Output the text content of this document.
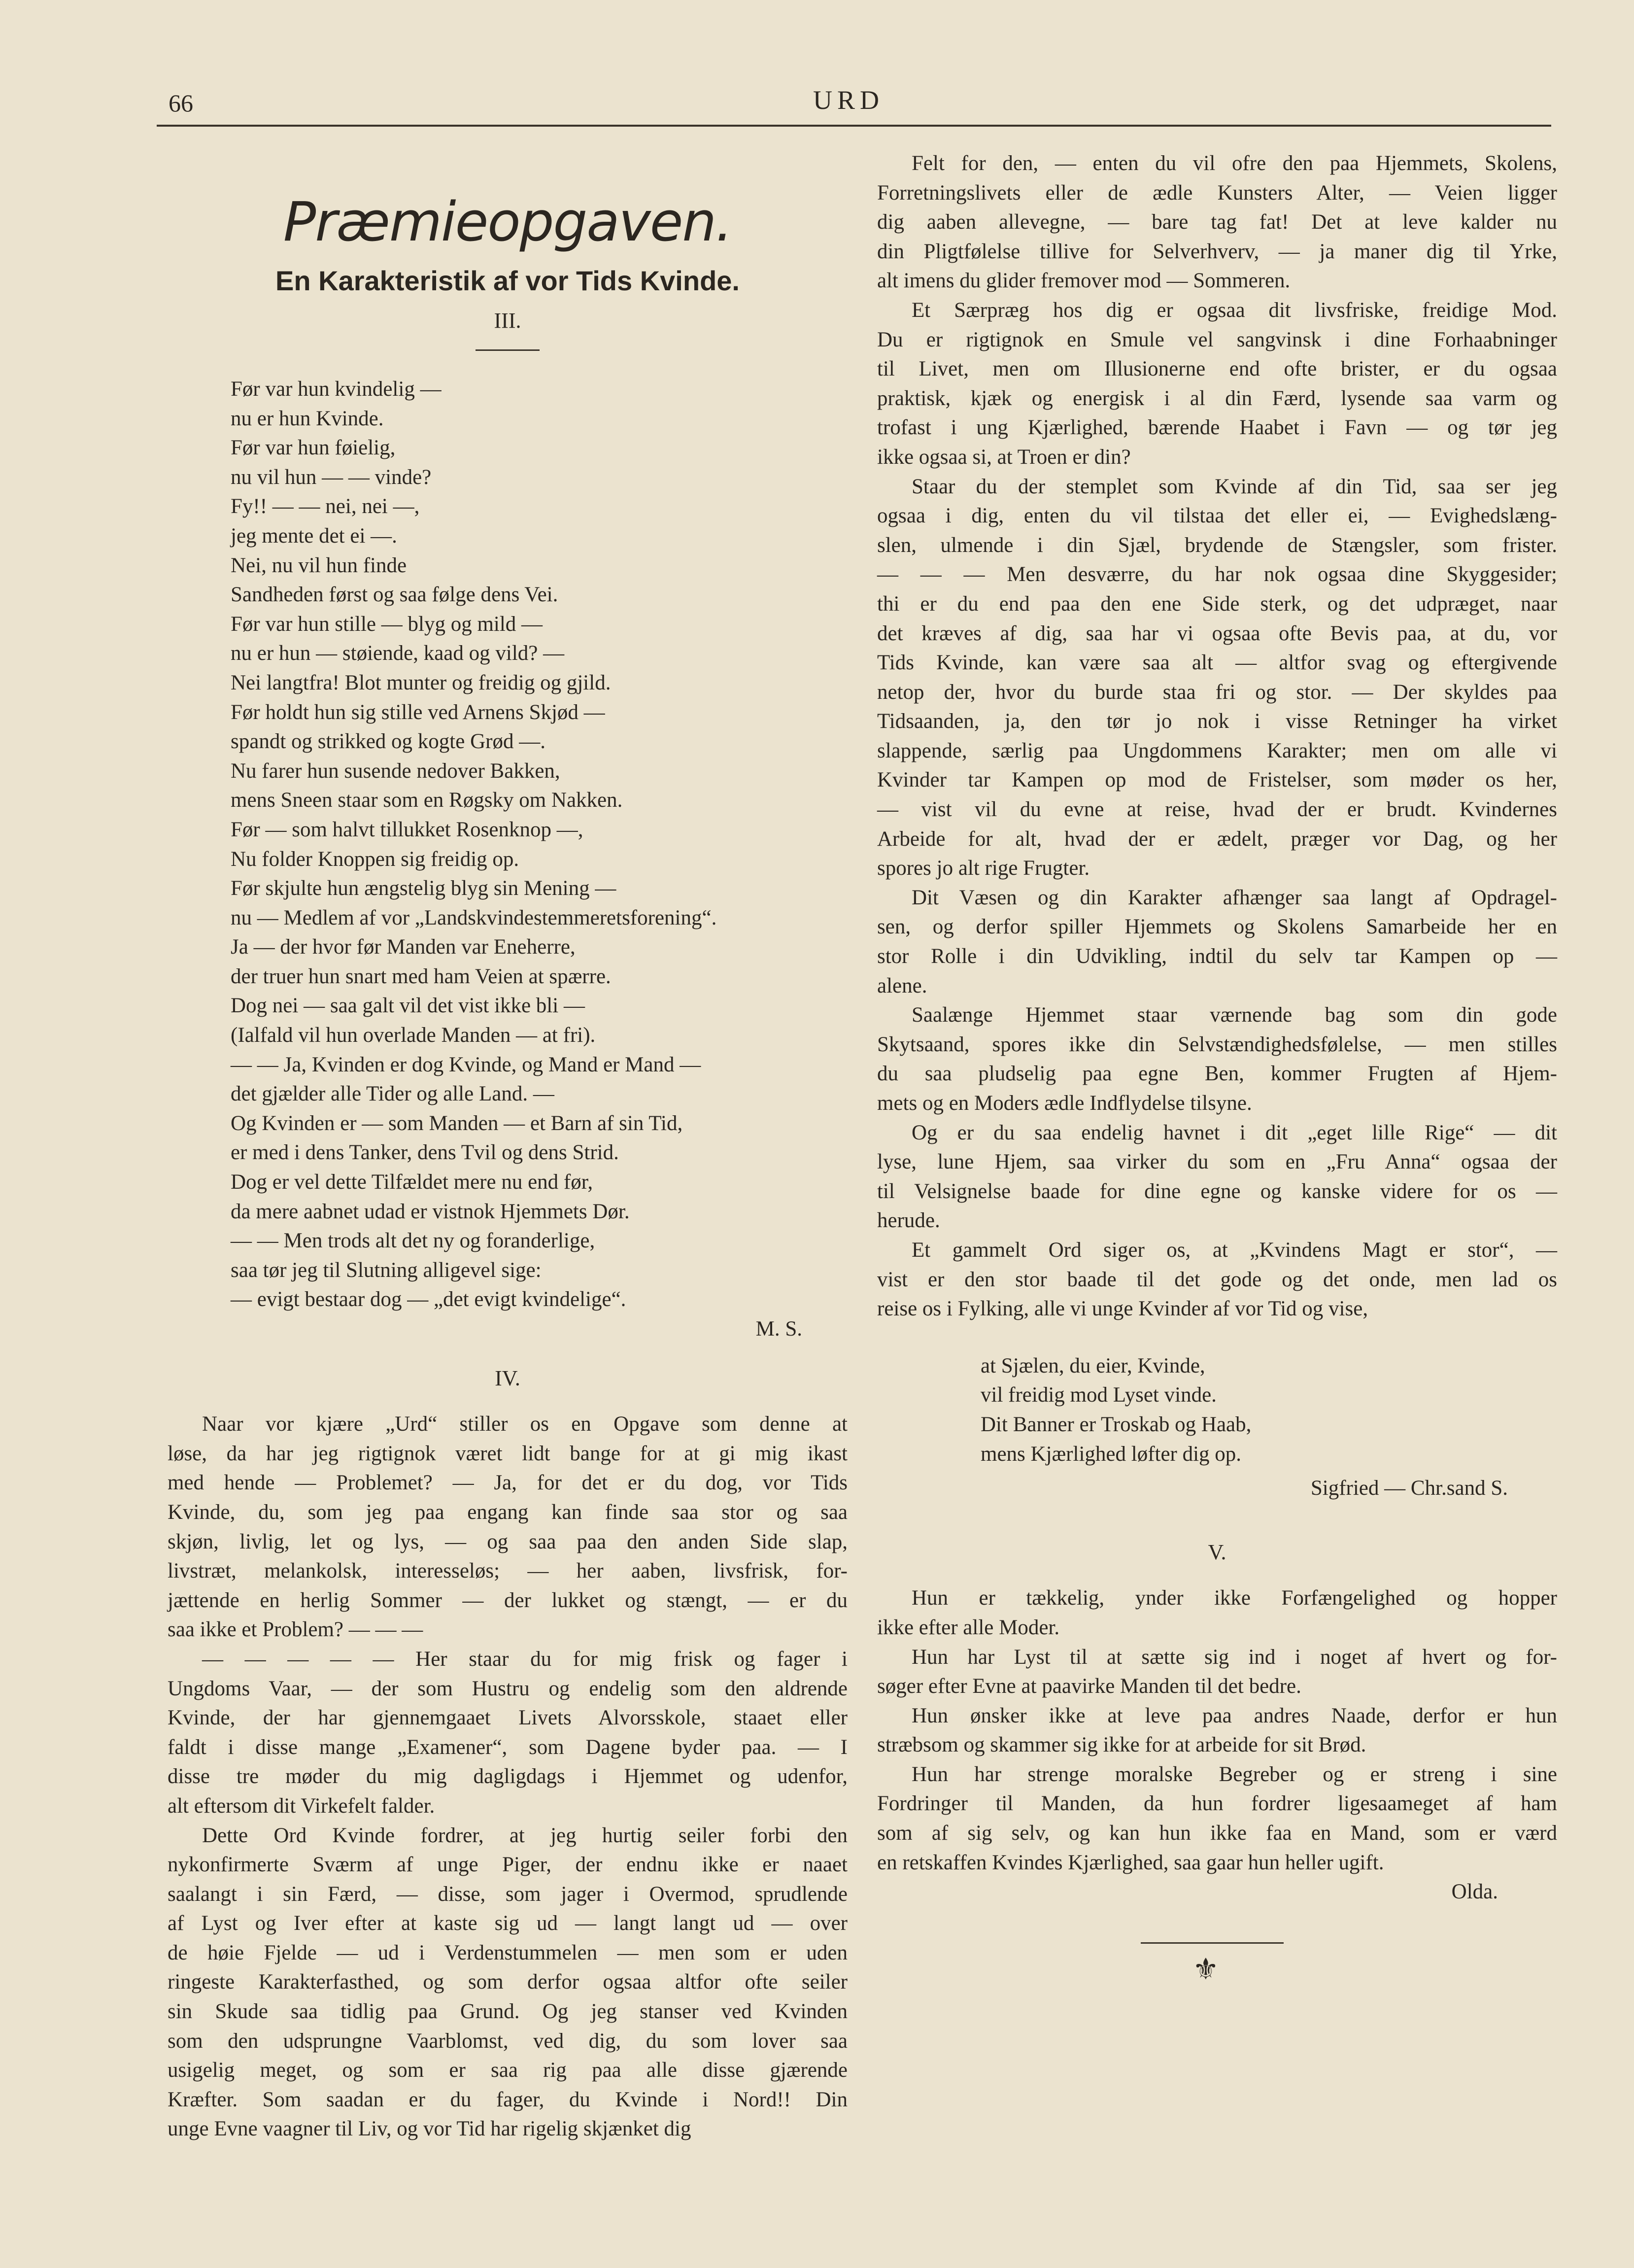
66	URD
Præmieopgaven.
En Karakteristik af vor Tids Kvinde.
III.
Før var hun kvindelig —
nu er hun Kvinde.
Før var hun føielig,
nu vil hun — — vinde?
Fy!! — — nei, nei —,
jeg mente det ei —.
Nei, nu vil hun finde
Sandheden først og saa følge dens Vei.
Før var hun stille — blyg og mild —
nu er hun — støiende, kaad og vild? —
Nei langtfra! Blot munter og freidig og gjild.
Før holdt hun sig stille ved Arnens Skjød —
spandt og strikked og kogte Grød —.
Nu farer hun susende nedover Bakken,
mens Sneen staar som en Røgsky om Nakken.
Før — som halvt tillukket Rosenknop —,
Nu folder Knoppen sig freidig op.
Før skjulte hun ængstelig blyg sin Mening —
nu — Medlem af vor „Landskvindestemmeretsforening“.
Ja — der hvor før Manden var Eneherre,
der truer hun snart med ham Veien at spærre.
Dog nei — saa galt vil det vist ikke bli —
(Ialfald vil hun overlade Manden — at fri).
— — Ja, Kvinden er dog Kvinde, og Mand er Mand —
det gjælder alle Tider og alle Land. —
Og Kvinden er — som Manden — et Barn af sin Tid,
er med i dens Tanker, dens Tvil og dens Strid.
Dog er vel dette Tilfældet mere nu end før,
da mere aabnet udad er vistnok Hjemmets Dør.
— — Men trods alt det ny og foranderlige,
saa tør jeg til Slutning alligevel sige:
— evigt bestaar dog — „det evigt kvindelige“.
M. S.
IV.
Naar vor kjære „Urd“ stiller os en Opgave som denne at
løse, da har jeg rigtignok været lidt bange for at gi mig ikast
med hende — Problemet? — Ja, for det er du dog, vor Tids
Kvinde, du, som jeg paa engang kan finde saa stor og saa
skjøn, livlig, let og lys, — og saa paa den anden Side slap,
livstræt, melankolsk, interesseløs; — her aaben, livsfrisk, for-
jættende en herlig Sommer — der lukket og stængt, — er du
saa ikke et Problem? — — —
— — — — — Her staar du for mig frisk og fager i
Ungdoms Vaar, — der som Hustru og endelig som den aldrende
Kvinde, der har gjennemgaaet Livets Alvorsskole, staaet eller
faldt i disse mange „Examener“, som Dagene byder paa. — I
disse tre møder du mig dagligdags i Hjemmet og udenfor,
alt eftersom dit Virkefelt falder.
Dette Ord Kvinde fordrer, at jeg hurtig seiler forbi den
nykonfirmerte Sværm af unge Piger, der endnu ikke er naaet
saalangt i sin Færd, — disse, som jager i Overmod, sprudlende
af Lyst og Iver efter at kaste sig ud — langt langt ud — over
de høie Fjelde — ud i Verdenstummelen — men som er uden
ringeste Karakterfasthed, og som derfor ogsaa altfor ofte seiler
sin Skude saa tidlig paa Grund. Og jeg stanser ved Kvinden
som den udsprungne Vaarblomst, ved dig, du som lover saa
usigelig meget, og som er saa rig paa alle disse gjærende
Kræfter. Som saadan er du fager, du Kvinde i Nord!! Din
unge Evne vaagner til Liv, og vor Tid har rigelig skjænket dig
Felt for den, — enten du vil ofre den paa Hjemmets, Skolens,
Forretningslivets eller de ædle Kunsters Alter, — Veien ligger
dig aaben allevegne, — bare tag fat! Det at leve kalder nu
din Pligtfølelse tillive for Selverhverv, — ja maner dig til Yrke,
alt imens du glider fremover mod — Sommeren.
Et Særpræg hos dig er ogsaa dit livsfriske, freidige Mod.
Du er rigtignok en Smule vel sangvinsk i dine Forhaabninger
til Livet, men om Illusionerne end ofte brister, er du ogsaa
praktisk, kjæk og energisk i al din Færd, lysende saa varm og
trofast i ung Kjærlighed, bærende Haabet i Favn — og tør jeg
ikke ogsaa si, at Troen er din?
Staar du der stemplet som Kvinde af din Tid, saa ser jeg
ogsaa i dig, enten du vil tilstaa det eller ei, — Evighedslæng-
slen, ulmende i din Sjæl, brydende de Stængsler, som frister.
— — — Men desværre, du har nok ogsaa dine Skyggesider;
thi er du end paa den ene Side sterk, og det udpræget, naar
det kræves af dig, saa har vi ogsaa ofte Bevis paa, at du, vor
Tids Kvinde, kan være saa alt — altfor svag og eftergivende
netop der, hvor du burde staa fri og stor. — Der skyldes paa
Tidsaanden, ja, den tør jo nok i visse Retninger ha virket
slappende, særlig paa Ungdommens Karakter; men om alle vi
Kvinder tar Kampen op mod de Fristelser, som møder os her,
— vist vil du evne at reise, hvad der er brudt. Kvindernes
Arbeide for alt, hvad der er ædelt, præger vor Dag, og her
spores jo alt rige Frugter.
Dit Væsen og din Karakter afhænger saa langt af Opdragel-
sen, og derfor spiller Hjemmets og Skolens Samarbeide her en
stor Rolle i din Udvikling, indtil du selv tar Kampen op —
alene.
Saalænge Hjemmet staar værnende bag som din gode
Skytsaand, spores ikke din Selvstændighedsfølelse, — men stilles
du saa pludselig paa egne Ben, kommer Frugten af Hjem-
mets og en Moders ædle Indflydelse tilsyne.
Og er du saa endelig havnet i dit „eget lille Rige“ — dit
lyse, lune Hjem, saa virker du som en „Fru Anna“ ogsaa der
til Velsignelse baade for dine egne og kanske videre for os —
herude.
Et gammelt Ord siger os, at „Kvindens Magt er stor“, —
vist er den stor baade til det gode og det onde, men lad os
reise os i Fylking, alle vi unge Kvinder af vor Tid og vise,
at Sjælen, du eier, Kvinde,
vil freidig mod Lyset vinde.
Dit Banner er Troskab og Haab,
mens Kjærlighed løfter dig op.
Sigfried — Chr.sand S.
V.
Hun er tækkelig, ynder ikke Forfængelighed og hopper
ikke efter alle Moder.
Hun har Lyst til at sætte sig ind i noget af hvert og for-
søger efter Evne at paavirke Manden til det bedre.
Hun ønsker ikke at leve paa andres Naade, derfor er hun
stræbsom og skammer sig ikke for at arbeide for sit Brød.
Hun har strenge moralske Begreber og er streng i sine
Fordringer til Manden, da hun fordrer ligesaameget af ham
som af sig selv, og kan hun ikke faa en Mand, som er værd
en retskaffen Kvindes Kjærlighed, saa gaar hun heller ugift.
Olda.
⚜
